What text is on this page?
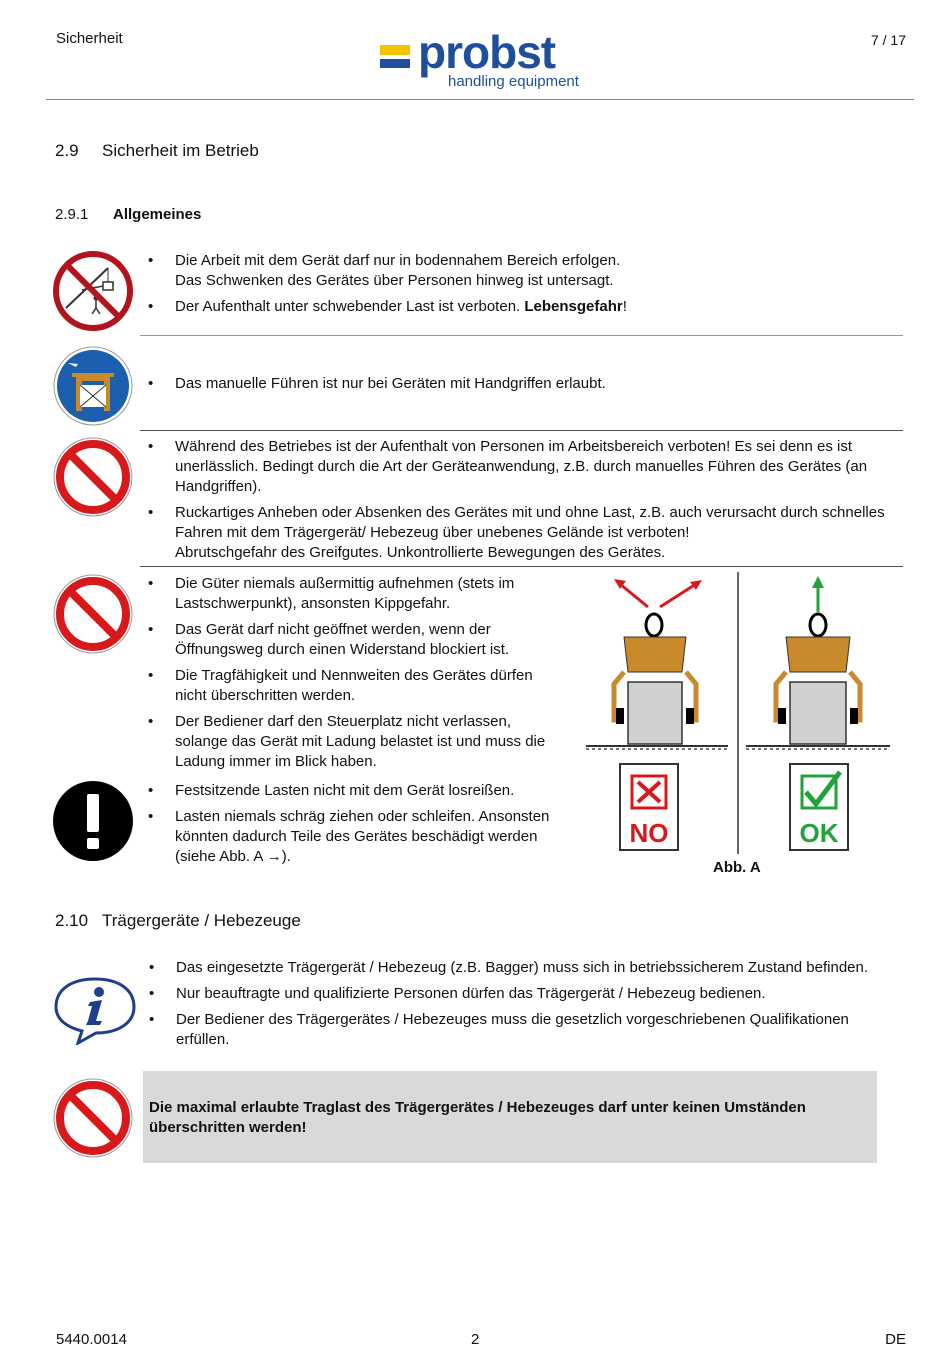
Sicherheit	probst
handling equipment
7 / 17
2.9 Sicherheit im Betrieb
2.9.1 Allgemeines
• Die Arbeit mit dem Gerät darf nur in bodennahem Bereich erfolgen.
Das Schwenken des Gerätes über Personen hinweg ist untersagt.
• Der Aufenthalt unter schwebender Last ist verboten. Lebensgefahr!
• Das manuelle Führen ist nur bei Geräten mit Handgriffen erlaubt.
• Während des Betriebes ist der Aufenthalt von Personen im Arbeitsbereich verboten! Es sei denn es ist unerlässlich. Bedingt durch die Art der Geräteanwendung, z.B. durch manuelles Führen des Gerätes (an Handgriffen).
• Ruckartiges Anheben oder Absenken des Gerätes mit und ohne Last, z.B. auch verursacht durch schnelles Fahren mit dem Trägergerät/ Hebezeug über unebenes Gelände ist verboten!
Abrutschgefahr des Greifgutes. Unkontrollierte Bewegungen des Gerätes.
• Die Güter niemals außermittig aufnehmen (stets im Lastschwerpunkt), ansonsten Kippgefahr.
• Das Gerät darf nicht geöffnet werden, wenn der Öffnungsweg durch einen Widerstand blockiert ist.
• Die Tragfähigkeit und Nennweiten des Gerätes dürfen nicht überschritten werden.
• Der Bediener darf den Steuerplatz nicht verlassen, solange das Gerät mit Ladung belastet ist und muss die Ladung immer im Blick haben.
• Festsitzende Lasten nicht mit dem Gerät losreißen.
• Lasten niemals schräg ziehen oder schleifen. Ansonsten könnten dadurch Teile des Gerätes beschädigt werden (siehe Abb. A →).
NO	OK
Abb. A
2.10 Trägergeräte / Hebezeuge
• Das eingesetzte Trägergerät / Hebezeug (z.B. Bagger) muss sich in betriebssicherem Zustand befinden.
• Nur beauftragte und qualifizierte Personen dürfen das Trägergerät / Hebezeug bedienen.
• Der Bediener des Trägergerätes / Hebezeuges muss die gesetzlich vorgeschriebenen Qualifikationen erfüllen.
Die maximal erlaubte Traglast des Trägergerätes / Hebezeuges darf unter keinen Umständen überschritten werden!
5440.0014	2	DE
